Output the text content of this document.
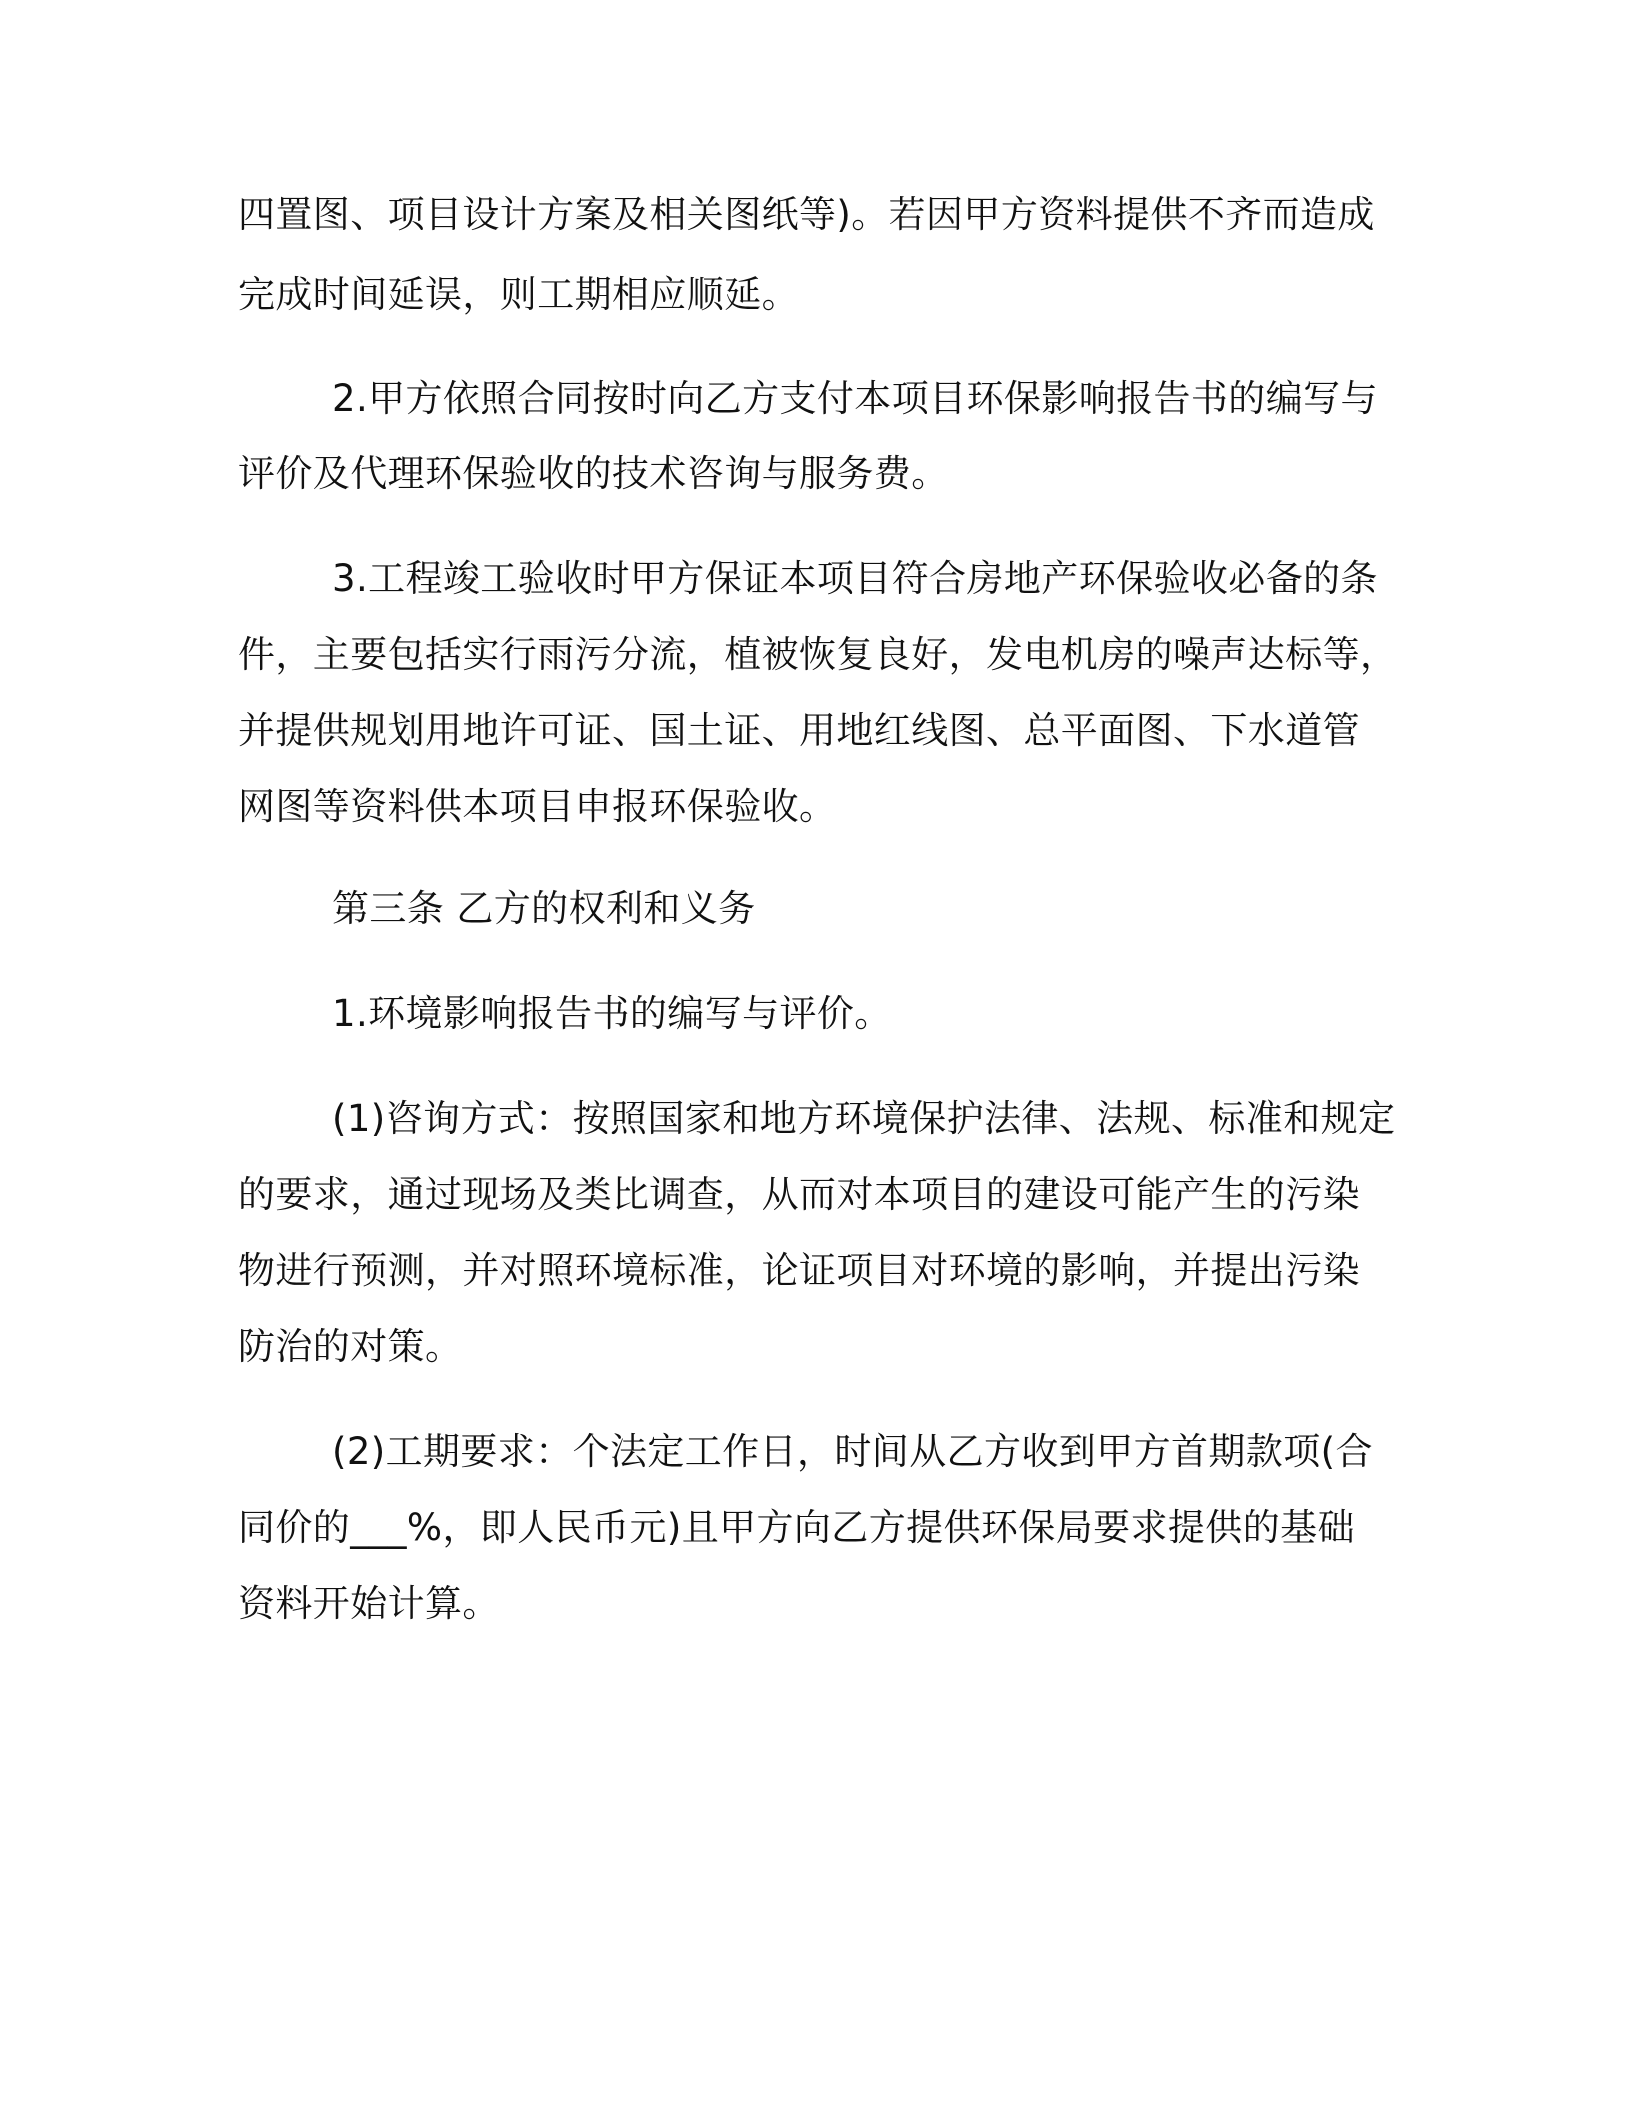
四置图、项目设计方案及相关图纸等)。若因甲方资料提供不齐而造成
完成时间延误，则工期相应顺延。
2.甲方依照合同按时向乙方支付本项目环保影响报告书的编写与
评价及代理环保验收的技术咨询与服务费。
3.工程竣工验收时甲方保证本项目符合房地产环保验收必备的条
件，主要包括实行雨污分流，植被恢复良好，发电机房的噪声达标等，
并提供规划用地许可证、国土证、用地红线图、总平面图、下水道管
网图等资料供本项目申报环保验收。
第三条 乙方的权利和义务
1.环境影响报告书的编写与评价。
(1)咨询方式：按照国家和地方环境保护法律、法规、标准和规定
的要求，通过现场及类比调查，从而对本项目的建设可能产生的污染
物进行预测，并对照环境标准，论证项目对环境的影响，并提出污染
防治的对策。
(2)工期要求：个法定工作日，时间从乙方收到甲方首期款项(合
同价的___%，即人民币元)且甲方向乙方提供环保局要求提供的基础
资料开始计算。
